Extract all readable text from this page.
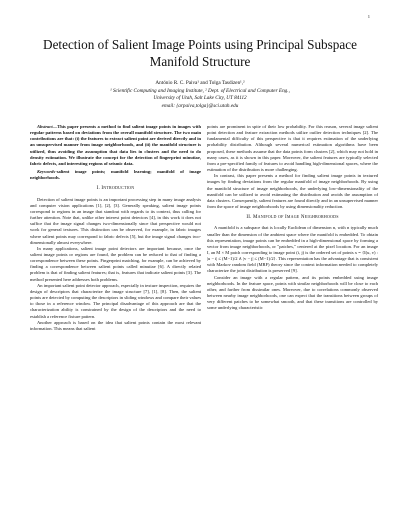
1
Detection of Salient Image Points using Principal Subspace Manifold Structure
António R. C. Paiva¹ and Tolga Tasdizen¹,²
¹ Scientific Computing and Imaging Institute, ² Dept. of Electrical and Computer Eng.,
University of Utah, Salt Lake City, UT 84112
email: {arpaiva,tolga}@sci.utah.edu

Abstract—This paper presents a method to find salient image points in images with regular patterns based on deviations from the overall manifold structure. The two main contributions are that: (i) the features to extract salient point are derived directly and in an unsupervised manner from image neighborhoods, and (ii) the manifold structure is utilized, thus avoiding the assumption that data lies in clusters and the need to do density estimation. We illustrate the concept for the detection of fingerprint minutiae, fabric defects, and interesting regions of seismic data.

Keywords-salient image points; manifold learning; manifold of image neighborhoods.

I. Introduction

Detection of salient image points is an important processing step in many image analysis and computer vision applications [1], [2], [3]. Generally speaking, salient image points correspond to regions in an image that standout with regards to its context, thus calling for further attention. Note that, unlike other interest point detectors [4], in this work it does not suffice that the image signal changes two-dimensionally since that perspective would not work for general textures. This distinction can be observed, for example, in fabric images where salient points may correspond to fabric defects [5], but the image signal changes two-dimensionally almost everywhere.

In many applications, salient image point detectors are important because, once the salient image points or regions are found, the problem can be reduced to that of finding a correspondence between these points. Fingerprint matching, for example, can be achieved by finding a correspondence between salient points called minutiae [6]. A directly related problem is that of finding salient features; that is, features that indicate salient points [3]. The method presented here addresses both problems.

An important salient point detector approach, especially in texture inspection, requires the design of descriptors that characterize the image structure [7], [1], [8]. Then, the salient points are detected by computing the descriptors in sliding windows and compare their values to those in a reference window. The principal disadvantage of this approach are that the characterization ability is constrained by the design of the descriptors and the need to establish a reference fixture pattern.

Another approach is based on the idea that salient points contain the most relevant information. This means that salient

points are prominent in spite of their low probability. For this reason, several image salient point detection and feature extraction methods utilize outlier detection techniques [2]. The fundamental difficulty of this perspective is that it requires estimation of the underlying probability distribution. Although several numerical estimation algorithms have been proposed, these methods assume that the data points form clusters [2], which may not hold in many cases, as it is shown in this paper. Moreover, the salient features are typically selected from a pre-specified family of features to avoid handling high-dimensional spaces, where the estimation of the distribution is more challenging.

In contrast, this paper presents a method for finding salient image points in textured images by finding deviations from the regular manifold of image neighborhoods. By using the manifold structure of image neighborhoods, the underlying low-dimensionality of the manifold can be utilized to avoid estimating the distribution and avoids the assumption of data clusters. Consequently, salient features are found directly and in an unsupervised manner from the space of image neighborhoods by using dimensionality reduction.

II. Manifold of Image Neighborhoods

A manifold is a subspace that is locally Euclidean of dimension n, with n typically much smaller than the dimension of the ambient space where the manifold is embedded. To obtain this representation, image points can be embedded in a high-dimensional space by forming a vector from image neighborhoods, or "patches," centered at the pixel location. For an image I, an M × M patch corresponding to image point (i, j) is the ordered set of points x = {I(u, v) : |u − i| ≤ (M−1)/2 ∧ |v − j| ≤ (M−1)/2}. This representation has the advantage that is consistent with Markov random field (MRF) theory since the context information needed to completely characterize the joint distribution is preserved [9].

Consider an image with a regular pattern, and its points embedded using image neighborhoods. In the feature space, points with similar neighborhoods will be close to each other, and farther from dissimilar ones. Moreover, due to correlations commonly observed between nearby image neighborhoods, one can expect that the transitions between groups of very different patches to be somewhat smooth, and that these transitions are controlled by some underlying characteristic
